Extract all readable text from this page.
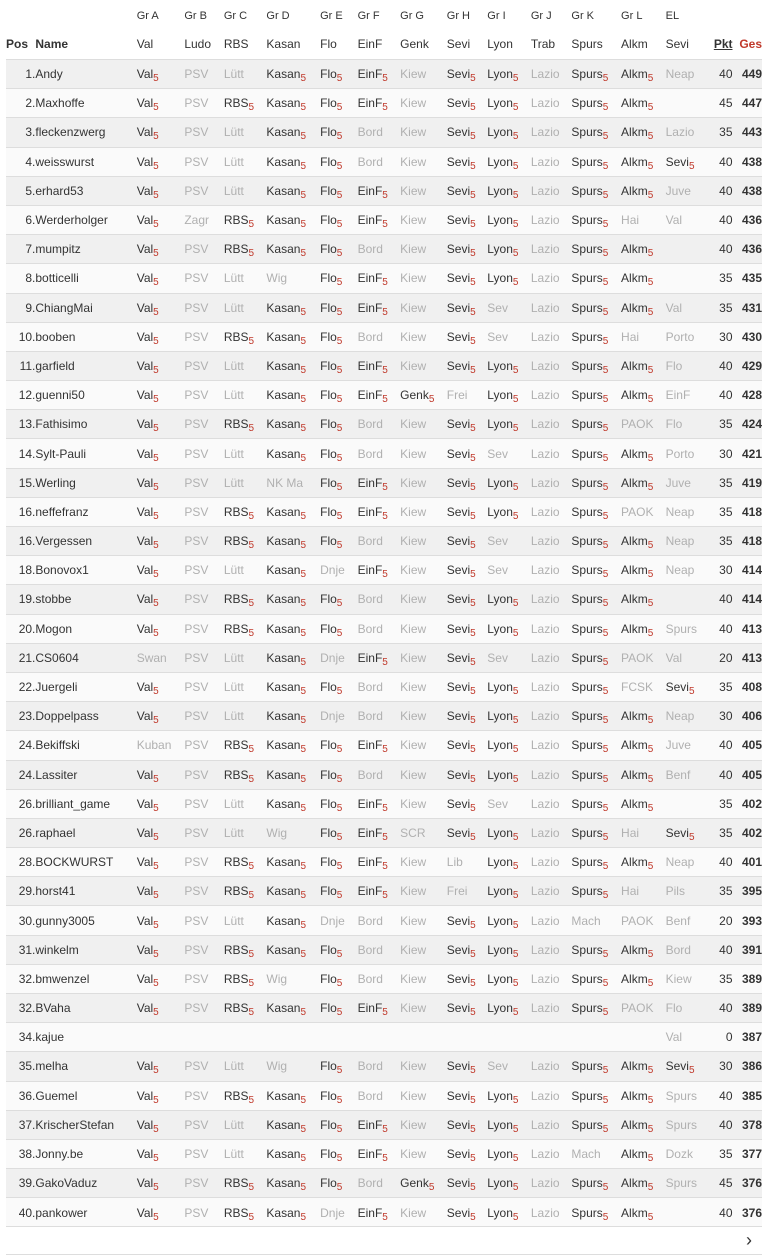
		Gr A	Gr B	Gr C	Gr D	Gr E	Gr F	Gr G	Gr H	Gr I	Gr J	Gr K	Gr L	EL		
Pos	Name	Val	Ludo	RBS	Kasan	Flo	EinF	Genk	Sevi	Lyon	Trab	Spurs	Alkm	Sevi	Pkt	Ges
1.	Andy	Val$_5$	PSV	Lütt	Kasan$_5$	Flo$_5$	EinF$_5$	Kiew	Sevi$_5$	Lyon$_5$	Lazio	Spurs$_5$	Alkm$_5$	Neap	40	449
2.	Maxhoffe	Val$_5$	PSV	$RBS_5$	Kasan$_5$	Flo$_5$	EinF$_5$	Kiew	Sevi$_5$	Lyon$_5$	Lazio	Spurs$_5$	Alkm$_5$		45	447
3.	fleckenzwerg	Val$_5$	PSV	Lütt	Kasan$_5$	Flo$_5$	Bord	Kiew	Sevi$_5$	Lyon$_5$	Lazio	Spurs$_5$	Alkm$_5$	Lazio	35	443
4.	weisswurst	Val$_5$	PSV	Lütt	Kasan$_5$	Flo$_5$	Bord	Kiew	Sevi$_5$	Lyon$_5$	Lazio	Spurs$_5$	Alkm$_5$	Sevi$_5$	40	438
5.	erhard53	Val$_5$	PSV	Lütt	Kasan$_5$	Flo$_5$	EinF$_5$	Kiew	Sevi$_5$	Lyon$_5$	Lazio	Spurs$_5$	Alkm$_5$	Juve	40	438
6.	Werderholger	Val$_5$	Zagr	$RBS_5$	Kasan$_5$	Flo$_5$	EinF$_5$	Kiew	Sevi$_5$	Lyon$_5$	Lazio	Spurs$_5$	Hai	Val	40	436
7.	mumpitz	Val$_5$	PSV	$RBS_5$	Kasan$_5$	Flo$_5$	Bord	Kiew	Sevi$_5$	Lyon$_5$	Lazio	Spurs$_5$	Alkm$_5$		40	436
8.	botticelli	Val$_5$	PSV	Lütt	Wig	Flo$_5$	EinF$_5$	Kiew	Sevi$_5$	Lyon$_5$	Lazio	Spurs$_5$	Alkm$_5$		35	435
9.	ChiangMai	Val$_5$	PSV	Lütt	Kasan$_5$	Flo$_5$	EinF$_5$	Kiew	Sevi$_5$	Sev	Lazio	Spurs$_5$	Alkm$_5$	Val	35	431
10.	booben	Val$_5$	PSV	$RBS_5$	Kasan$_5$	Flo$_5$	Bord	Kiew	Sevi$_5$	Sev	Lazio	Spurs$_5$	Hai	Porto	30	430
11.	garfield	Val$_5$	PSV	Lütt	Kasan$_5$	Flo$_5$	EinF$_5$	Kiew	Sevi$_5$	Lyon$_5$	Lazio	Spurs$_5$	Alkm$_5$	Flo	40	429
12.	guenni50	Val$_5$	PSV	Lütt	Kasan$_5$	Flo$_5$	EinF$_5$	Genk$_5$	Frei	Lyon$_5$	Lazio	Spurs$_5$	Alkm$_5$	EinF	40	428
13.	Fathisimo	Val$_5$	PSV	$RBS_5$	Kasan$_5$	Flo$_5$	Bord	Kiew	Sevi$_5$	Lyon$_5$	Lazio	Spurs$_5$	PAOK	Flo	35	424
14.	Sylt-Pauli	Val$_5$	PSV	Lütt	Kasan$_5$	Flo$_5$	Bord	Kiew	Sevi$_5$	Sev	Lazio	Spurs$_5$	Alkm$_5$	Porto	30	421
15.	Werling	Val$_5$	PSV	Lütt	NK Ma	Flo$_5$	EinF$_5$	Kiew	Sevi$_5$	Lyon$_5$	Lazio	Spurs$_5$	Alkm$_5$	Juve	35	419
16.	neffefranz	Val$_5$	PSV	$RBS_5$	Kasan$_5$	Flo$_5$	EinF$_5$	Kiew	Sevi$_5$	Lyon$_5$	Lazio	Spurs$_5$	PAOK	Neap	35	418
16.	Vergessen	Val$_5$	PSV	$RBS_5$	Kasan$_5$	Flo$_5$	Bord	Kiew	Sevi$_5$	Sev	Lazio	Spurs$_5$	Alkm$_5$	Neap	35	418
18.	Bonovox1	Val$_5$	PSV	Lütt	Kasan$_5$	Dnje	EinF$_5$	Kiew	Sevi$_5$	Sev	Lazio	Spurs$_5$	Alkm$_5$	Neap	30	414
19.	stobbe	Val$_5$	PSV	$RBS_5$	Kasan$_5$	Flo$_5$	Bord	Kiew	Sevi$_5$	Lyon$_5$	Lazio	Spurs$_5$	Alkm$_5$		40	414
20.	Mogon	Val$_5$	PSV	$RBS_5$	Kasan$_5$	Flo$_5$	Bord	Kiew	Sevi$_5$	Lyon$_5$	Lazio	Spurs$_5$	Alkm$_5$	Spurs	40	413
21.	CS0604	Swan	PSV	Lütt	Kasan$_5$	Dnje	EinF$_5$	Kiew	Sevi$_5$	Sev	Lazio	Spurs$_5$	PAOK	Val	20	413
22.	Juergeli	Val$_5$	PSV	Lütt	Kasan$_5$	Flo$_5$	Bord	Kiew	Sevi$_5$	Lyon$_5$	Lazio	Spurs$_5$	FCSK	Sevi$_5$	35	408
23.	Doppelpass	Val$_5$	PSV	Lütt	Kasan$_5$	Dnje	Bord	Kiew	Sevi$_5$	Lyon$_5$	Lazio	Spurs$_5$	Alkm$_5$	Neap	30	406
24.	Bekiffski	Kuban	PSV	$RBS_5$	Kasan$_5$	Flo$_5$	EinF$_5$	Kiew	Sevi$_5$	Lyon$_5$	Lazio	Spurs$_5$	Alkm$_5$	Juve	40	405
24.	Lassiter	Val$_5$	PSV	$RBS_5$	Kasan$_5$	Flo$_5$	Bord	Kiew	Sevi$_5$	Lyon$_5$	Lazio	Spurs$_5$	Alkm$_5$	Benf	40	405
26.	brilliant_game	Val$_5$	PSV	Lütt	Kasan$_5$	Flo$_5$	EinF$_5$	Kiew	Sevi$_5$	Sev	Lazio	Spurs$_5$	Alkm$_5$		35	402
26.	raphael	Val$_5$	PSV	Lütt	Wig	Flo$_5$	EinF$_5$	SCR	Sevi$_5$	Lyon$_5$	Lazio	Spurs$_5$	Hai	Sevi$_5$	35	402
28.	BOCKWURST	Val$_5$	PSV	$RBS_5$	Kasan$_5$	Flo$_5$	EinF$_5$	Kiew	Lib	Lyon$_5$	Lazio	Spurs$_5$	Alkm$_5$	Neap	40	401
29.	horst41	Val$_5$	PSV	$RBS_5$	Kasan$_5$	Flo$_5$	EinF$_5$	Kiew	Frei	Lyon$_5$	Lazio	Spurs$_5$	Hai	Pils	35	395
30.	gunny3005	Val$_5$	PSV	Lütt	Kasan$_5$	Dnje	Bord	Kiew	Sevi$_5$	Lyon$_5$	Lazio	Mach	PAOK	Benf	20	393
31.	winkelm	Val$_5$	PSV	$RBS_5$	Kasan$_5$	Flo$_5$	Bord	Kiew	Sevi$_5$	Lyon$_5$	Lazio	Spurs$_5$	Alkm$_5$	Bord	40	391
32.	bmwenzel	Val$_5$	PSV	$RBS_5$	Wig	Flo$_5$	Bord	Kiew	Sevi$_5$	Lyon$_5$	Lazio	Spurs$_5$	Alkm$_5$	Kiew	35	389
32.	BVaha	Val$_5$	PSV	$RBS_5$	Kasan$_5$	Flo$_5$	EinF$_5$	Kiew	Sevi$_5$	Lyon$_5$	Lazio	Spurs$_5$	PAOK	Flo	40	389
34.	kajue													Val	0	387
35.	melha	Val$_5$	PSV	Lütt	Wig	Flo$_5$	Bord	Kiew	Sevi$_5$	Sev	Lazio	Spurs$_5$	Alkm$_5$	Sevi$_5$	30	386
36.	Guemel	Val$_5$	PSV	$RBS_5$	Kasan$_5$	Flo$_5$	Bord	Kiew	Sevi$_5$	Lyon$_5$	Lazio	Spurs$_5$	Alkm$_5$	Spurs	40	385
37.	KrischerStefan	Val$_5$	PSV	Lütt	Kasan$_5$	Flo$_5$	EinF$_5$	Kiew	Sevi$_5$	Lyon$_5$	Lazio	Spurs$_5$	Alkm$_5$	Spurs	40	378
38.	Jonny.be	Val$_5$	PSV	Lütt	Kasan$_5$	Flo$_5$	EinF$_5$	Kiew	Sevi$_5$	Lyon$_5$	Lazio	Mach	Alkm$_5$	Dozk	35	377
39.	GakoVaduz	Val$_5$	PSV	$RBS_5$	Kasan$_5$	Flo$_5$	Bord	Genk$_5$	Sevi$_5$	Lyon$_5$	Lazio	Spurs$_5$	Alkm$_5$	Spurs	45	376
40.	pankower	Val$_5$	PSV	$RBS_5$	Kasan$_5$	Dnje	EinF$_5$	Kiew	Sevi$_5$	Lyon$_5$	Lazio	Spurs$_5$	Alkm$_5$		40	376
›
